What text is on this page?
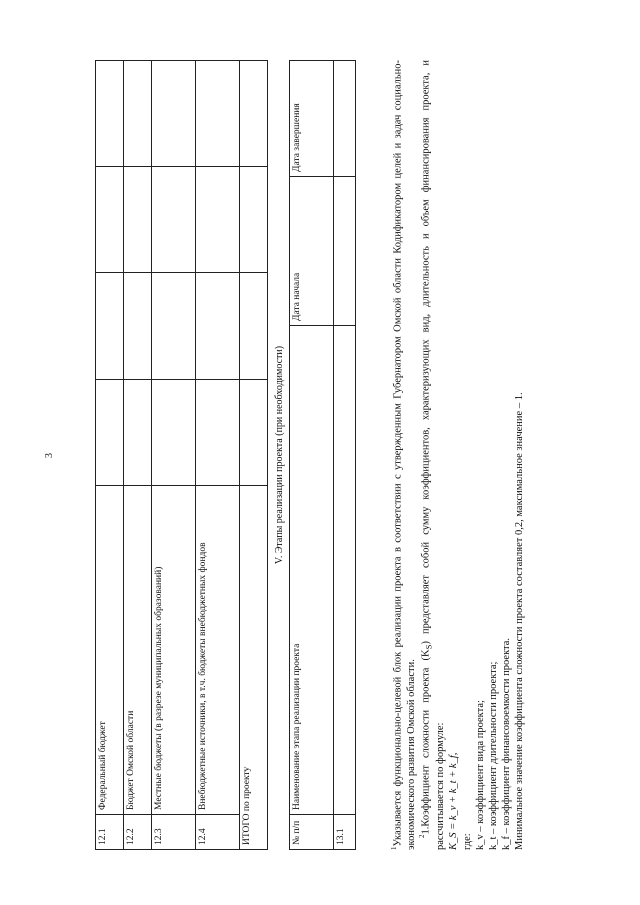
3
12.1	Федеральный бюджет				
12.2	Бюджет Омской области				
12.3	Местные бюджеты (в разрезе муниципальных образований)				
12.4	Внебюджетные источники, в т.ч. бюджеты внебюджетных фондов				
ИТОГО по проекту					
V. Этапы реализации проекта (при необходимости)
№ п/п	Наименование этапа реализации проекта	Дата начала	Дата завершения
13.1			

$^1$Указывается функционально-целевой блок реализации проекта в соответствии с утвержденным Губернатором Омской области Кодификатором целей и задач социально-экономического развития Омской области. $^2$1.Коэффициент сложности проекта $(K_S)$ представляет собой сумму коэффициентов, характеризующих вид, длительность и объем финансирования проекта, и рассчитывается по формуле: K_S = k_v + k_t + k_f, где: k_v – коэффициент вида проекта; k_t – коэффициент длительности проекта; k_f – коэффициент финансовоемкости проекта. Минимальное значение коэффициента сложности проекта составляет 0,2, максимальное значение – 1.
